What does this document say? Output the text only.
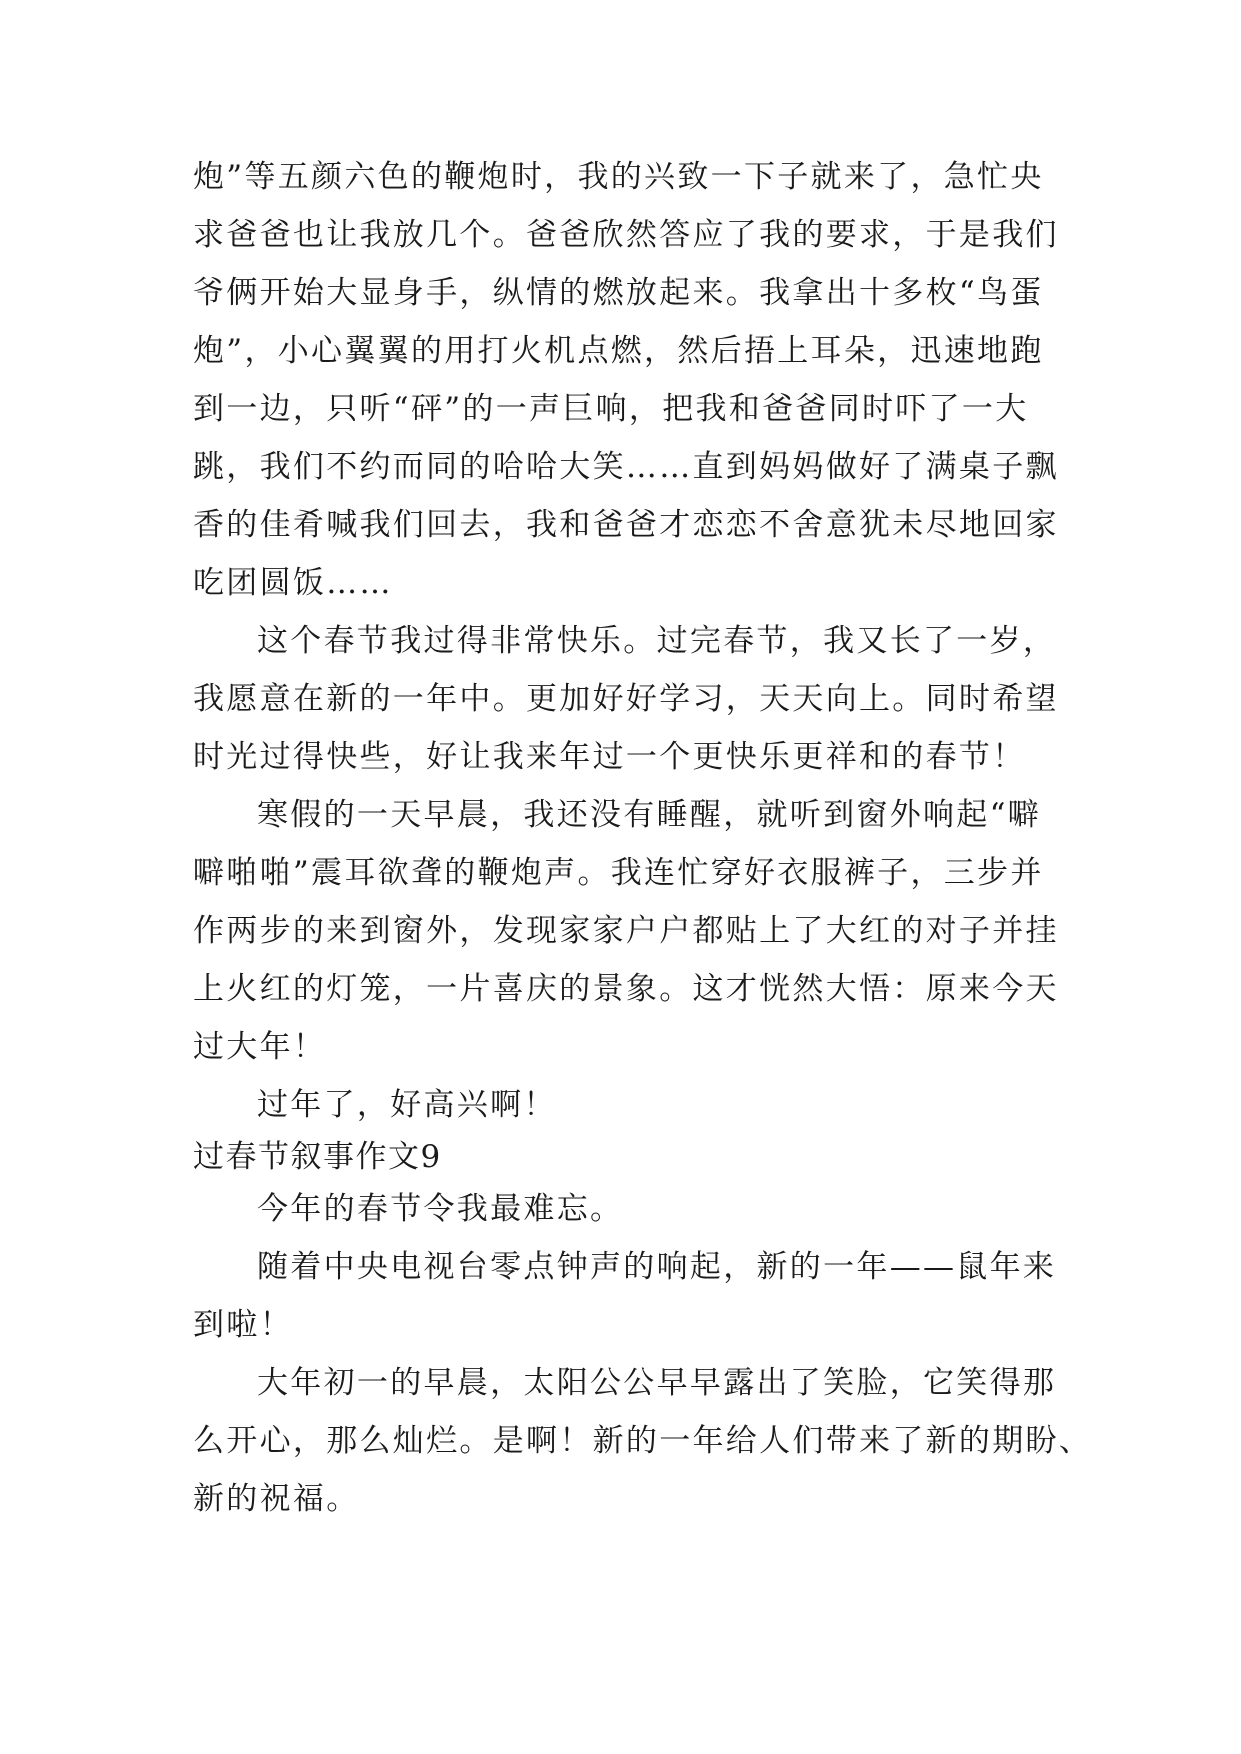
炮”等五颜六色的鞭炮时，我的兴致一下子就来了，急忙央
求爸爸也让我放几个。爸爸欣然答应了我的要求，于是我们
爷俩开始大显身手，纵情的燃放起来。我拿出十多枚“鸟蛋
炮”，小心翼翼的用打火机点燃，然后捂上耳朵，迅速地跑
到一边，只听“砰”的一声巨响，把我和爸爸同时吓了一大
跳，我们不约而同的哈哈大笑……直到妈妈做好了满桌子飘
香的佳肴喊我们回去，我和爸爸才恋恋不舍意犹未尽地回家
吃团圆饭……
这个春节我过得非常快乐。过完春节，我又长了一岁，
我愿意在新的一年中。更加好好学习，天天向上。同时希望
时光过得快些，好让我来年过一个更快乐更祥和的春节！
寒假的一天早晨，我还没有睡醒，就听到窗外响起“噼
噼啪啪”震耳欲聋的鞭炮声。我连忙穿好衣服裤子，三步并
作两步的来到窗外，发现家家户户都贴上了大红的对子并挂
上火红的灯笼，一片喜庆的景象。这才恍然大悟：原来今天
过大年！
过年了，好高兴啊！
过春节叙事作文9
今年的春节令我最难忘。
随着中央电视台零点钟声的响起，新的一年——鼠年来
到啦！
大年初一的早晨，太阳公公早早露出了笑脸，它笑得那
么开心，那么灿烂。是啊！新的一年给人们带来了新的期盼、
新的祝福。
